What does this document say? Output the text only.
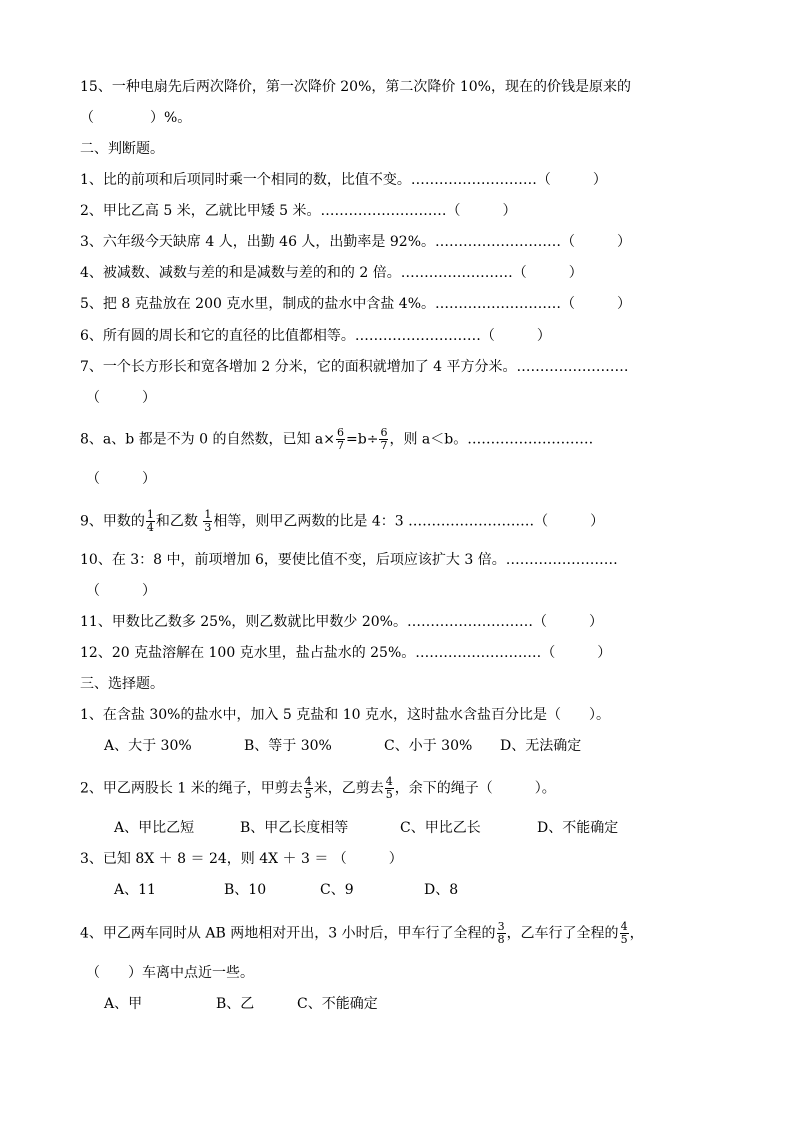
15、一种电扇先后两次降价，第一次降价 20%，第二次降价 10%，现在的价钱是原来的
（　　　　）%。
二、判断题。
1、比的前项和后项同时乘一个相同的数，比值不变。………………………（　　　）
2、甲比乙高 5 米，乙就比甲矮 5 米。………………………（　　　）
3、六年级今天缺席 4 人，出勤 46 人，出勤率是 92%。………………………（　　　）
4、被减数、减数与差的和是减数与差的和的 2 倍。……………………（　　　）
5、把 8 克盐放在 200 克水里，制成的盐水中含盐 4%。………………………（　　　）
6、所有圆的周长和它的直径的比值都相等。………………………（　　　）
7、一个长方形长和宽各增加 2 分米，它的面积就增加了 4 平方分米。……………………
（　　　）
8、a、b 都是不为 0 的自然数，已知 $a\times \frac{6}{7} =b\div \frac{6}{7}$ ，则 a＜b。………………………
（　　　）
9、甲数的 $\frac{1}{4}$ 和乙数 $\frac{1}{3}$ 相等，则甲乙两数的比是 4：3 ………………………（　　　）
10、在 3：8 中，前项增加 6，要使比值不变，后项应该扩大 3 倍。……………………
（　　　）
11、甲数比乙数多 25%，则乙数就比甲数少 20%。………………………（　　　）
12、20 克盐溶解在 100 克水里，盐占盐水的 25%。………………………（　　　）
三、选择题。
1、在含盐 30%的盐水中，加入 5 克盐和 10 克水，这时盐水含盐百分比是（　　）。
A、大于 30%	B、等于 30%	C、小于 30% D、无法确定
2、甲乙两股长 1 米的绳子，甲剪去 $\frac{4}{5}$ 米，乙剪去 $\frac{4}{5}$ ，余下的绳子（　　　）。
A、甲比乙短	B、甲乙长度相等	C、甲比乙长	D、不能确定
3、已知 8X ＋ 8 ＝ 24，则 4X ＋ 3 ＝ （　　　）
A、11	B、10	C、9	D、8
4、甲乙两车同时从 AB 两地相对开出，3 小时后，甲车行了全程的 $\frac{3}{8}$ ，乙车行了全程的 $\frac{4}{5}$ ，
（　　）车离中点近一些。
A、甲	B、乙	C、不能确定
